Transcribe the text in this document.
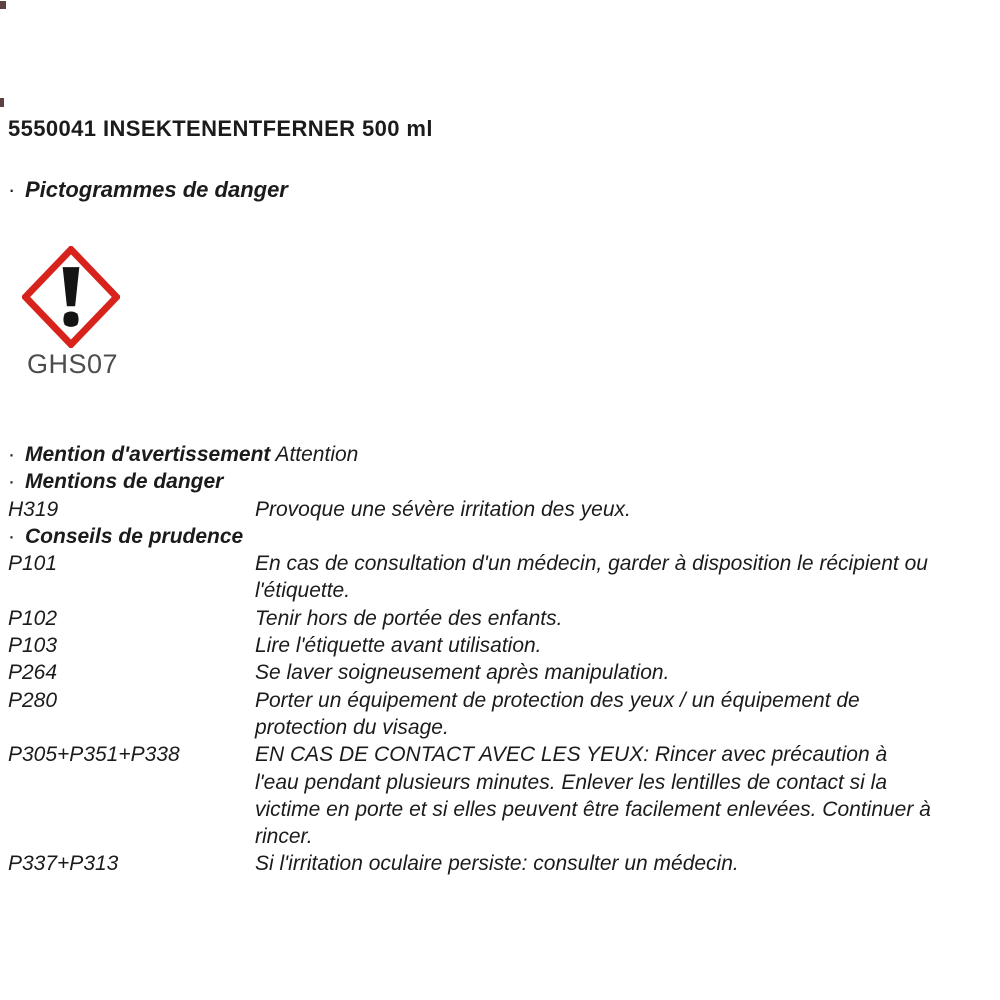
5550041 INSEKTENENTFERNER 500 ml
· Pictogrammes de danger
GHS07
· Mention d'avertissement Attention
· Mentions de danger
H319	Provoque une sévère irritation des yeux.
· Conseils de prudence
P101	En cas de consultation d'un médecin, garder à disposition le récipient ou
l'étiquette.
P102	Tenir hors de portée des enfants.
P103	Lire l'étiquette avant utilisation.
P264	Se laver soigneusement après manipulation.
P280	Porter un équipement de protection des yeux / un équipement de
protection du visage.
P305+P351+P338	EN CAS DE CONTACT AVEC LES YEUX: Rincer avec précaution à
l'eau pendant plusieurs minutes. Enlever les lentilles de contact si la
victime en porte et si elles peuvent être facilement enlevées. Continuer à
rincer.
P337+P313	Si l'irritation oculaire persiste: consulter un médecin.
